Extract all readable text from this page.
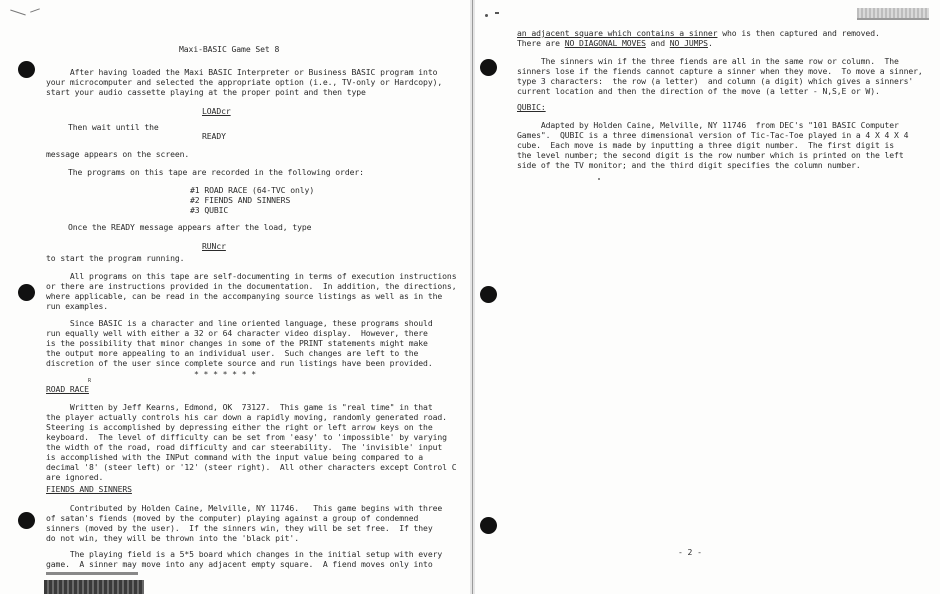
Maxi-BASIC Game Set 8
After having loaded the Maxi BASIC Interpreter or Business BASIC program into
your microcomputer and selected the appropriate option (i.e., TV-only or Hardcopy),
start your audio cassette playing at the proper point and then type
LOADcr
Then wait until the
READY
message appears on the screen.
The programs on this tape are recorded in the following order:
#1 ROAD RACE (64-TVC only)
#2 FIENDS AND SINNERS
#3 QUBIC
Once the READY message appears after the load, type
RUNcr
to start the program running.
All programs on this tape are self-documenting in terms of execution instructions
or there are instructions provided in the documentation.  In addition, the directions,
where applicable, can be read in the accompanying source listings as well as in the
run examples.
Since BASIC is a character and line oriented language, these programs should
run equally well with either a 32 or 64 character video display.  However, there
is the possibility that minor changes in some of the PRINT statements might make
the output more appealing to an individual user.  Such changes are left to the
discretion of the user since complete source and run listings have been provided.
* * * * * * *
ROAD RACE
R
Written by Jeff Kearns, Edmond, OK  73127.  This game is "real time" in that
the player actually controls his car down a rapidly moving, randomly generated road.
Steering is accomplished by depressing either the right or left arrow keys on the
keyboard.  The level of difficulty can be set from 'easy' to 'impossible' by varying
the width of the road, road difficulty and car steerability.  The 'invisible' input
is accomplished with the INPut command with the input value being compared to a
decimal '8' (steer left) or '12' (steer right).  All other characters except Control C
are ignored.
FIENDS AND SINNERS
Contributed by Holden Caine, Melville, NY 11746.   This game begins with three
of satan's fiends (moved by the computer) playing against a group of condemned
sinners (moved by the user).  If the sinners win, they will be set free.  If they
do not win, they will be thrown into the 'black pit'.
The playing field is a 5*5 board which changes in the initial setup with every
game.  A sinner may move into any adjacent empty square.  A fiend moves only into
an adjacent square which contains a sinner who is then captured and removed.
There are NO DIAGONAL MOVES and NO JUMPS.
The sinners win if the three fiends are all in the same row or column.  The
sinners lose if the fiends cannot capture a sinner when they move.  To move a sinner,
type 3 characters:  the row (a letter)  and column (a digit) which gives a sinners'
current location and then the direction of the move (a letter - N,S,E or W).
QUBIC:
Adapted by Holden Caine, Melville, NY 11746  from DEC's "101 BASIC Computer
Games".  QUBIC is a three dimensional version of Tic-Tac-Toe played in a 4 X 4 X 4
cube.  Each move is made by inputting a three digit number.  The first digit is
the level number; the second digit is the row number which is printed on the left
side of the TV monitor; and the third digit specifies the column number.
- 2 -
